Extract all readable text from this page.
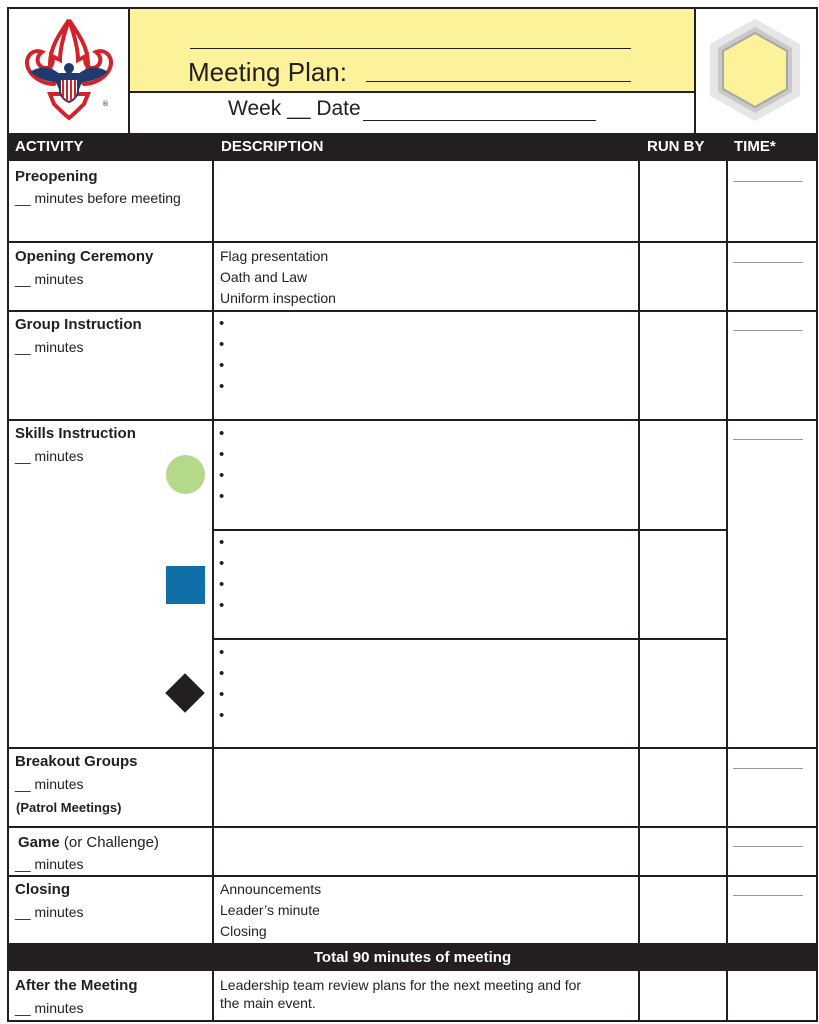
Meeting Plan:
Week __ Date
®
ACTIVITY	DESCRIPTION	RUN BY TIME*
Preopening
__ minutes before meeting
Opening Ceremony
__ minutes
Flag presentation
Oath and Law
Uniform inspection
Group Instruction
__ minutes
•
•
•
•
Skills Instruction
__ minutes
•
•
•
•
•
•
•
•
•
•
•
•
Breakout Groups
__ minutes
(Patrol Meetings)
Game (or Challenge)
__ minutes
Closing
__ minutes
Announcements
Leader’s minute
Closing
Total 90 minutes of meeting
After the Meeting
__ minutes
Leadership team review plans for the next meeting and for
the main event.
